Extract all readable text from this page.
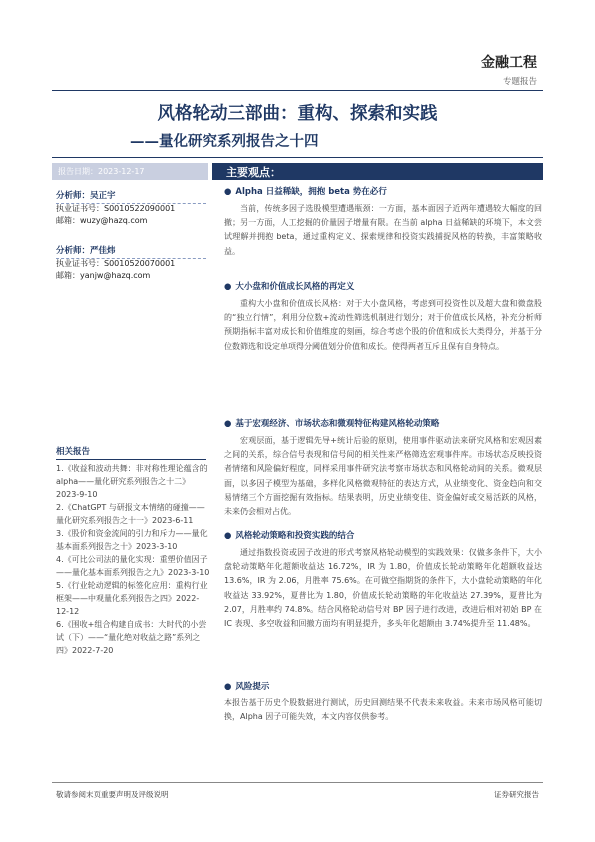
金融工程
专题报告
风格轮动三部曲：重构、探索和实践
——量化研究系列报告之十四
报告日期：2023-12-17	主要观点：
分析师：吴正宇
执业证书号：S0010522090001
邮箱：wuzy@hazq.com
分析师：严佳炜
执业证书号：S0010520070001
邮箱：yanjw@hazq.com
相关报告
1.《收益和波动共舞：非对称性理论蕴含的 alpha——量化研究系列报告之十二》2023-9-10
2.《ChatGPT 与研报文本情绪的碰撞——量化研究系列报告之十一》2023-6-11
3.《股价和资金流间的引力和斥力——量化基本面系列报告之十》2023-3-10
4.《可比公司法的量化实现：重塑价值因子——量化基本面系列报告之九》2023-3-10
5.《行业轮动逻辑的标签化应用：重构行业框架——中观量化系列报告之四》2022-12-12
6.《围收+组合构建自成书：大时代的小尝试（下）——“量化绝对收益之路”系列之四》2022-7-20
● Alpha 日益稀缺，拥抱 beta 势在必行
当前，传统多因子选股模型遭遇瓶颈：一方面，基本面因子近两年遭遇较大幅度的回撤；另一方面，人工挖掘的价量因子增量有限。在当前 alpha 日益稀缺的环境下，本文尝试理解并拥抱 beta，通过重构定义、探索规律和投资实践捕捉风格的转换，丰富策略收益。
● 大小盘和价值成长风格的再定义
重构大小盘和价值成长风格：对于大小盘风格，考虑到可投资性以及超大盘和微盘股的“独立行情”，利用分位数+流动性筛选机制进行划分；对于价值成长风格，补充分析师预期指标丰富对成长和价值维度的刻画，综合考虑个股的价值和成长大类得分，并基于分位数筛选和设定单项得分阈值划分价值和成长。使得两者互斥且保有自身特点。
● 基于宏观经济、市场状态和微观特征构建风格轮动策略
宏观层面，基于逻辑先导+统计后验的原则，使用事件驱动法来研究风格和宏观因素之间的关系，综合信号表现和信号间的相关性来严格筛选宏观事件库。市场状态反映投资者情绪和风险偏好程度，同样采用事件研究法考察市场状态和风格轮动间的关系。微观层面，以多因子模型为基础，多样化风格微观特征的表达方式，从业绩变化、资金趋向和交易情绪三个方面挖掘有效指标。结果表明，历史业绩变佳、资金偏好或交易活跃的风格，未来仍会相对占优。
● 风格轮动策略和投资实践的结合
通过指数投资或因子改进的形式考察风格轮动模型的实践效果：仅做多条件下，大小盘轮动策略年化超额收益达 16.72%，IR 为 1.80，价值成长轮动策略年化超额收益达 13.6%，IR 为 2.06，月胜率 75.6%。在可做空指期货的条件下，大小盘轮动策略的年化收益达 33.92%，夏普比为 1.80，价值成长轮动策略的年化收益达 27.39%，夏普比为 2.07，月胜率约 74.8%。结合风格轮动信号对 BP 因子进行改进，改进后相对初始 BP 在 IC 表现、多空收益和回撤方面均有明显提升，多头年化超额由 3.74%提升至 11.48%。
● 风险提示
本报告基于历史个股数据进行测试，历史回测结果不代表未来收益。未来市场风格可能切换，Alpha 因子可能失效，本文内容仅供参考。
敬请参阅末页重要声明及评级说明	证券研究报告
